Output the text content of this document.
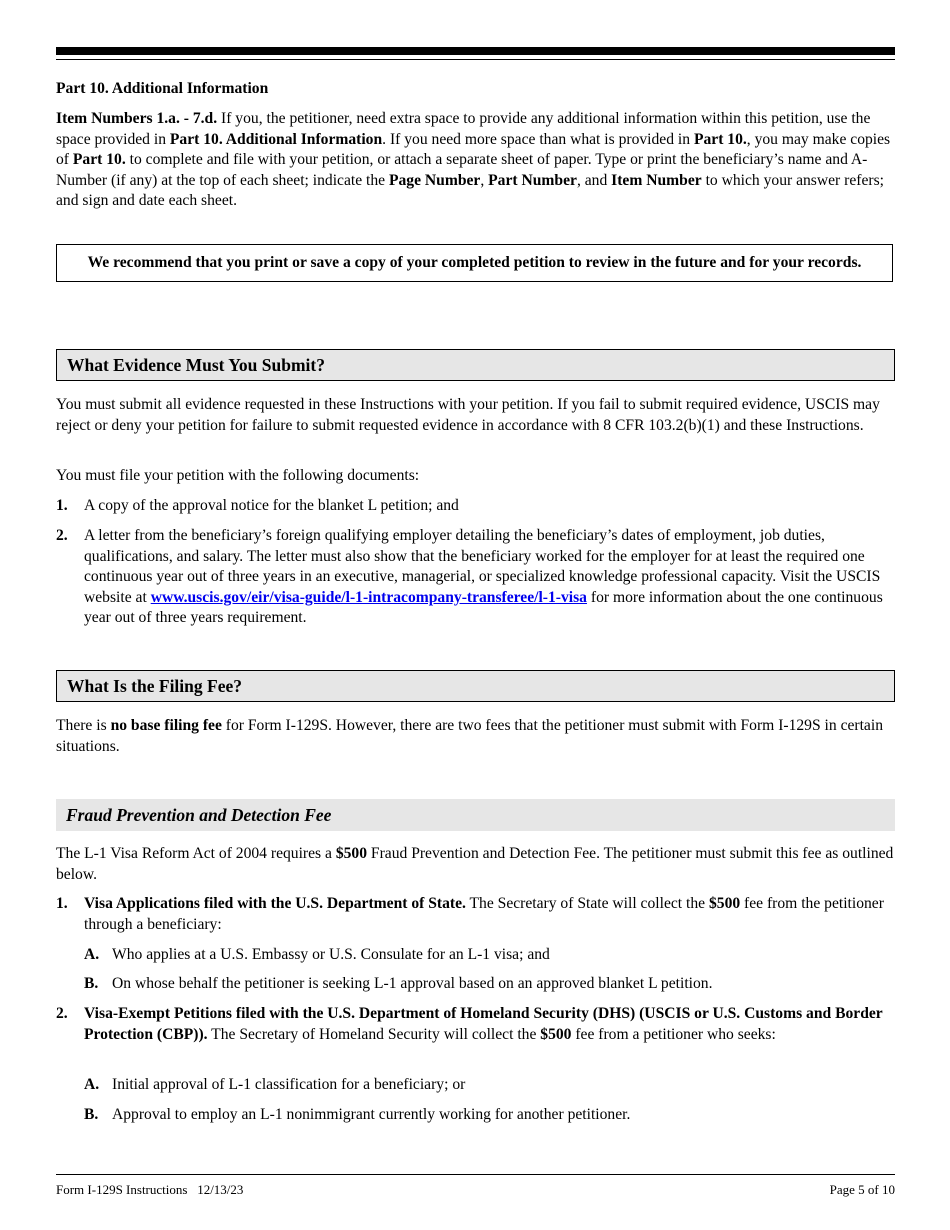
Part 10. Additional Information

Item Numbers 1.a. - 7.d. If you, the petitioner, need extra space to provide any additional information within this petition, use the space provided in Part 10. Additional Information. If you need more space than what is provided in Part 10., you may make copies of Part 10. to complete and file with your petition, or attach a separate sheet of paper. Type or print the beneficiary’s name and A-Number (if any) at the top of each sheet; indicate the Page Number, Part Number, and Item Number to which your answer refers; and sign and date each sheet.

We recommend that you print or save a copy of your completed petition to review in the future and for your records.
What Evidence Must You Submit?

You must submit all evidence requested in these Instructions with your petition. If you fail to submit required evidence, USCIS may reject or deny your petition for failure to submit requested evidence in accordance with 8 CFR 103.2(b)(1) and these Instructions.

You must file your petition with the following documents:

1. A copy of the approval notice for the blanket L petition; and

2. A letter from the beneficiary’s foreign qualifying employer detailing the beneficiary’s dates of employment, job duties, qualifications, and salary. The letter must also show that the beneficiary worked for the employer for at least the required one continuous year out of three years in an executive, managerial, or specialized knowledge professional capacity. Visit the USCIS website at www.uscis.gov/eir/visa-guide/l-1-intracompany-transferee/l-1-visa for more information about the one continuous year out of three years requirement.

What Is the Filing Fee?

There is no base filing fee for Form I-129S. However, there are two fees that the petitioner must submit with Form I-129S in certain situations.

Fraud Prevention and Detection Fee

The L-1 Visa Reform Act of 2004 requires a $500 Fraud Prevention and Detection Fee. The petitioner must submit this fee as outlined below.

1. Visa Applications filed with the U.S. Department of State. The Secretary of State will collect the $500 fee from the petitioner through a beneficiary:

A. Who applies at a U.S. Embassy or U.S. Consulate for an L-1 visa; and

B. On whose behalf the petitioner is seeking L-1 approval based on an approved blanket L petition.

2. Visa-Exempt Petitions filed with the U.S. Department of Homeland Security (DHS) (USCIS or U.S. Customs and Border Protection (CBP)). The Secretary of Homeland Security will collect the $500 fee from a petitioner who seeks:

A. Initial approval of L-1 classification for a beneficiary; or

B. Approval to employ an L-1 nonimmigrant currently working for another petitioner.

Form I-129S Instructions   12/13/23	Page 5 of 10
